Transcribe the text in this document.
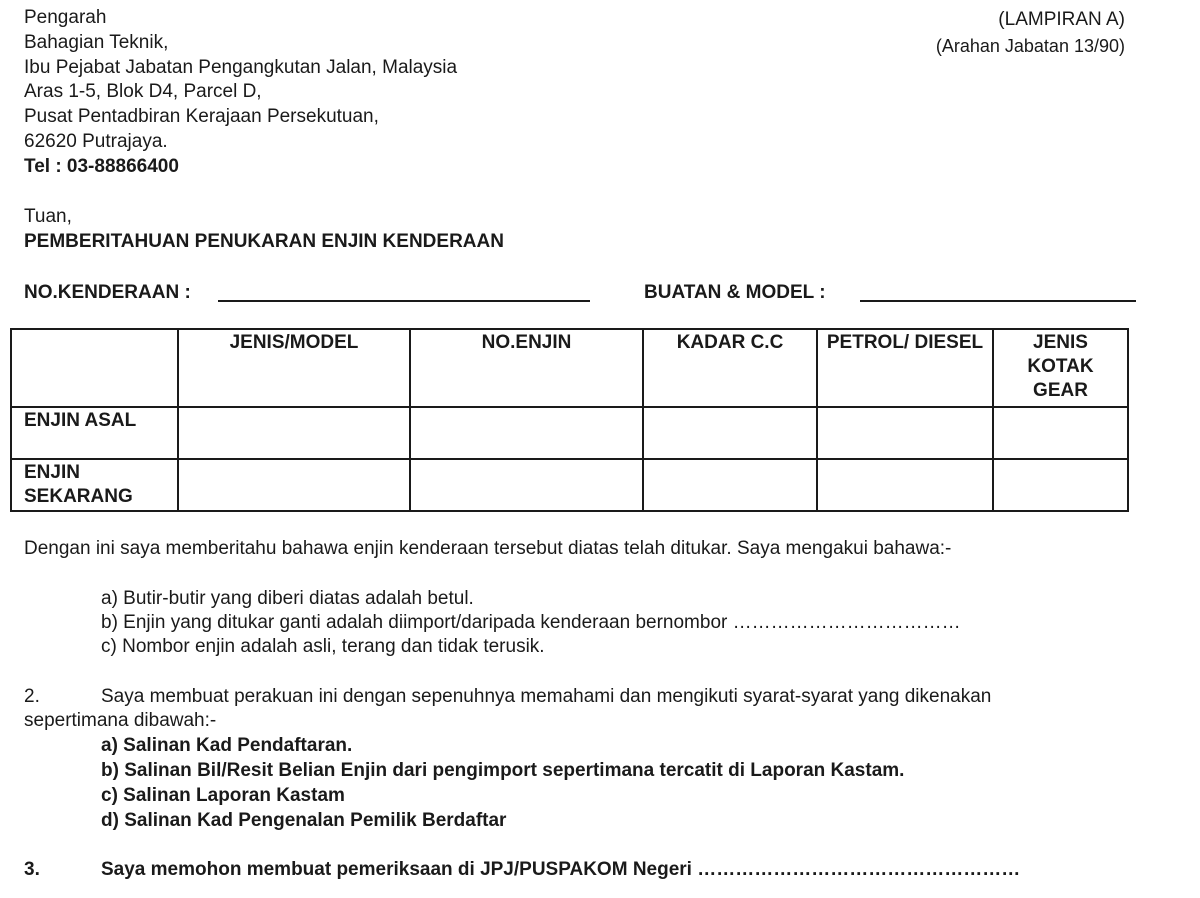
Pengarah
Bahagian Teknik,
Ibu Pejabat Jabatan Pengangkutan Jalan, Malaysia
Aras 1-5, Blok D4, Parcel D,
Pusat Pentadbiran Kerajaan Persekutuan,
62620 Putrajaya.
Tel : 03-88866400
(LAMPIRAN A)
(Arahan Jabatan 13/90)
Tuan,
PEMBERITAHUAN PENUKARAN ENJIN KENDERAAN
NO.KENDERAAN :	BUATAN & MODEL :
	JENIS/MODEL	NO.ENJIN	KADAR C.C	PETROL/ DIESEL	JENIS KOTAK GEAR
ENJIN ASAL					
ENJIN SEKARANG					
Dengan ini saya memberitahu bahawa enjin kenderaan tersebut diatas telah ditukar. Saya mengakui bahawa:-
a) Butir-butir yang diberi diatas adalah betul.
b) Enjin yang ditukar ganti adalah diimport/daripada kenderaan bernombor ………………………………
c) Nombor enjin adalah asli, terang dan tidak terusik.
2.	Saya membuat perakuan ini dengan sepenuhnya memahami dan mengikuti syarat-syarat yang dikenakan
sepertimana dibawah:-
a) Salinan Kad Pendaftaran.
b) Salinan Bil/Resit Belian Enjin dari pengimport sepertimana tercatit di Laporan Kastam.
c) Salinan Laporan Kastam
d) Salinan Kad Pengenalan Pemilik Berdaftar
3.	Saya memohon membuat pemeriksaan di JPJ/PUSPAKOM Negeri ……………………………………………
